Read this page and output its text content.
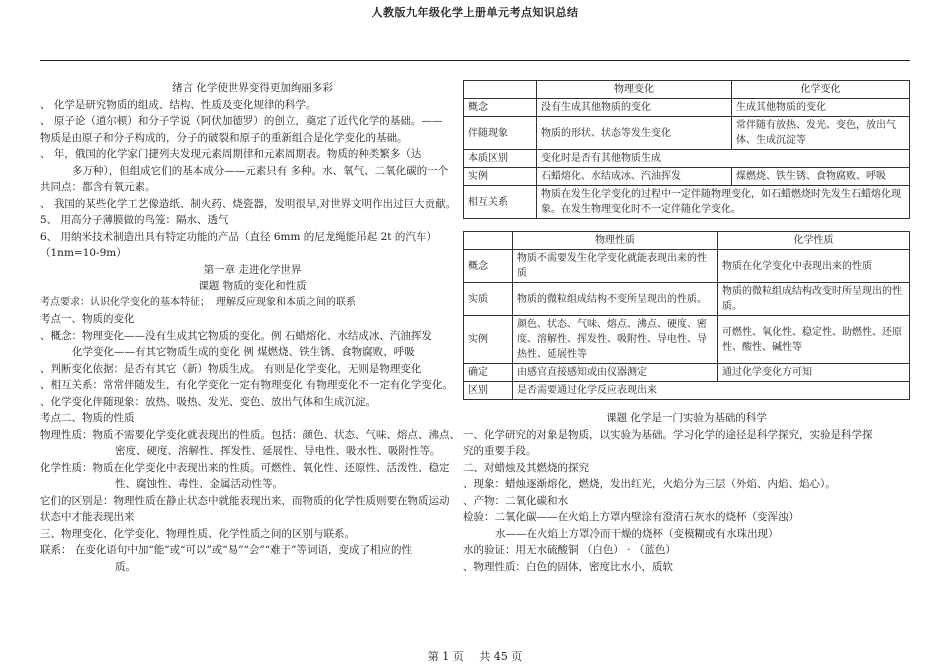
人教版九年级化学上册单元考点知识总结
绪言 化学使世界变得更加绚丽多彩
、 化学是研究物质的组成、结构、性质及变化规律的科学。
、 原子论（道尔顿）和分子学说（阿伏加德罗）的创立，奠定了近代化学的基础。——
物质是由原子和分子构成的，分子的破裂和原子的重新组合是化学变化的基础。
、 年，俄国的化学家门捷列夫发现元素周期律和元素周期表。物质的种类繁多（达
多万种），但组成它们的基本成分——元素只有 多种。水、氧气、二氧化碳的一个
共同点：都含有氧元素。
、 我国的某些化学工艺像造纸、制火药、烧瓷器，发明很早,对世界文明作出过巨大贡献。
5、 用高分子薄膜做的鸟笼：隔水、透气
6、 用纳米技术制造出具有特定功能的产品（直径 6mm 的尼龙绳能吊起 2t 的汽车）
（1nm=10-9m）
第一章 走进化学世界
课题 物质的变化和性质
考点要求：认识化学变化的基本特征； 理解反应现象和本质之间的联系
考点一、物质的变化
、概念：物理变化——没有生成其它物质的变化。例 石蜡熔化、水结成冰、汽油挥发
化学变化——有其它物质生成的变化 例 煤燃烧、铁生锈、食物腐败、呼吸
、判断变化依据：是否有其它（新）物质生成。 有则是化学变化，无则是物理变化
、相互关系：常常伴随发生，有化学变化一定有物理变化 有物理变化不一定有化学变化。
、化学变化伴随现象：放热、吸热、发光、变色、放出气体和生成沉淀。
考点二、物质的性质
物理性质：物质不需要化学变化就表现出的性质。包括：颜色、状态、气味、熔点、沸点、
密度、硬度、溶解性、挥发性、延展性、导电性、吸水性、吸附性等。
化学性质：物质在化学变化中表现出来的性质。可燃性、氧化性、还原性、活泼性、稳定
性、腐蚀性、毒性、金属活动性等。
它们的区别是：物理性质在静止状态中就能表现出来，而物质的化学性质则要在物质运动
状态中才能表现出来
三、物理变化、化学变化、物理性质、化学性质之间的区别与联系。
联系： 在变化语句中加“能”或“可以”或“易”“会”“难于”等词语，变成了相应的性
质。
	物理变化	化学变化
概念	没有生成其他物质的变化	生成其他物质的变化
伴随现象	物质的形状、状态等发生变化	常伴随有放热、发光、变色，放出气体、生成沉淀等
本质区别	变化时是否有其他物质生成	
实例	石蜡熔化、水结成冰、汽油挥发	煤燃烧、铁生锈、食物腐败、呼吸
相互关系	物质在发生化学变化的过程中一定伴随物理变化，如石蜡燃烧时先发生石蜡熔化现象。在发生物理变化时不一定伴随化学变化。	
	物理性质	化学性质
概念	物质不需要发生化学变化就能表现出来的性质	物质在化学变化中表现出来的性质
实质	物质的微粒组成结构不变所呈现出的性质。	物质的微粒组成结构改变时所呈现出的性质。
实例	颜色、状态、气味、熔点、沸点、硬度、密度、溶解性、挥发性、吸附性、导电性、导热性、延展性等	可燃性、氧化性、稳定性、助燃性、还原性、酸性、碱性等
确定	由感官直接感知或由仪器测定	通过化学变化方可知
区别	是否需要通过化学反应表现出来	
课题 化学是一门实验为基础的科学
一、化学研究的对象是物质，以实验为基础。学习化学的途径是科学探究，实验是科学探
究的重要手段。
二、对蜡烛及其燃烧的探究
、现象：蜡烛逐渐熔化，燃烧，发出红光，火焰分为三层（外焰、内焰、焰心）。
、产物：二氧化碳和水
检验：二氧化碳——在火焰上方罩内壁涂有澄清石灰水的烧杯（变浑浊）
水——在火焰上方罩冷而干燥的烧杯（变模糊或有水珠出现）
水的验证：用无水硫酸铜 （白色） · （蓝色）
、物理性质：白色的固体，密度比水小，质软
第 1 页 共 45 页
